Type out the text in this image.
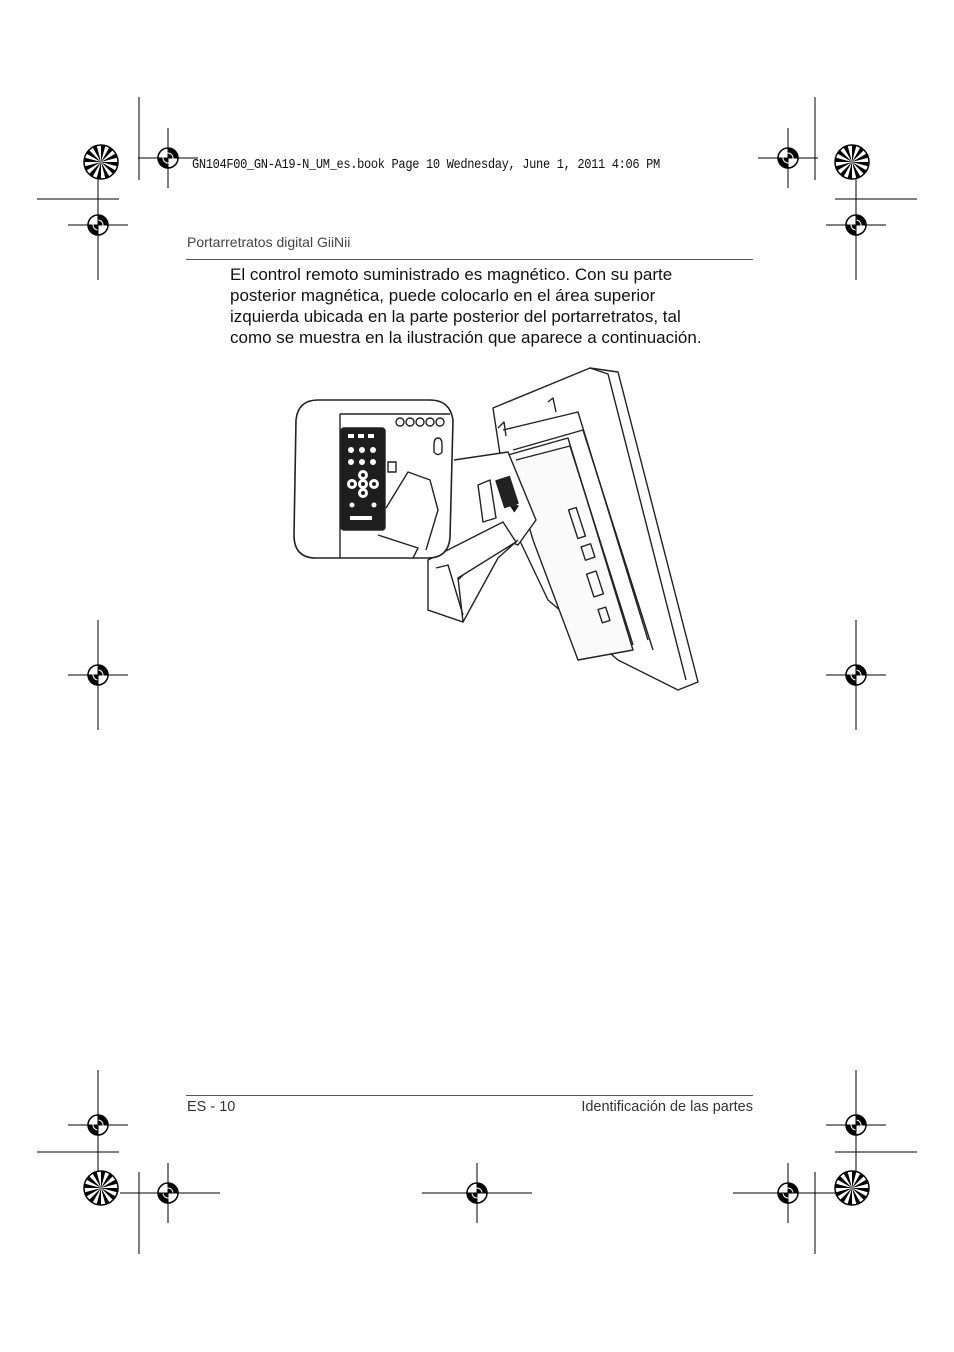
GN104F00_GN-A19-N_UM_es.book Page 10 Wednesday, June 1, 2011 4:06 PM
Portarretratos digital GiiNii
El control remoto suministrado es magnético. Con su parte
posterior magnética, puede colocarlo en el área superior
izquierda ubicada en la parte posterior del portarretratos, tal
como se muestra en la ilustración que aparece a continuación.
ES - 10	Identificación de las partes
